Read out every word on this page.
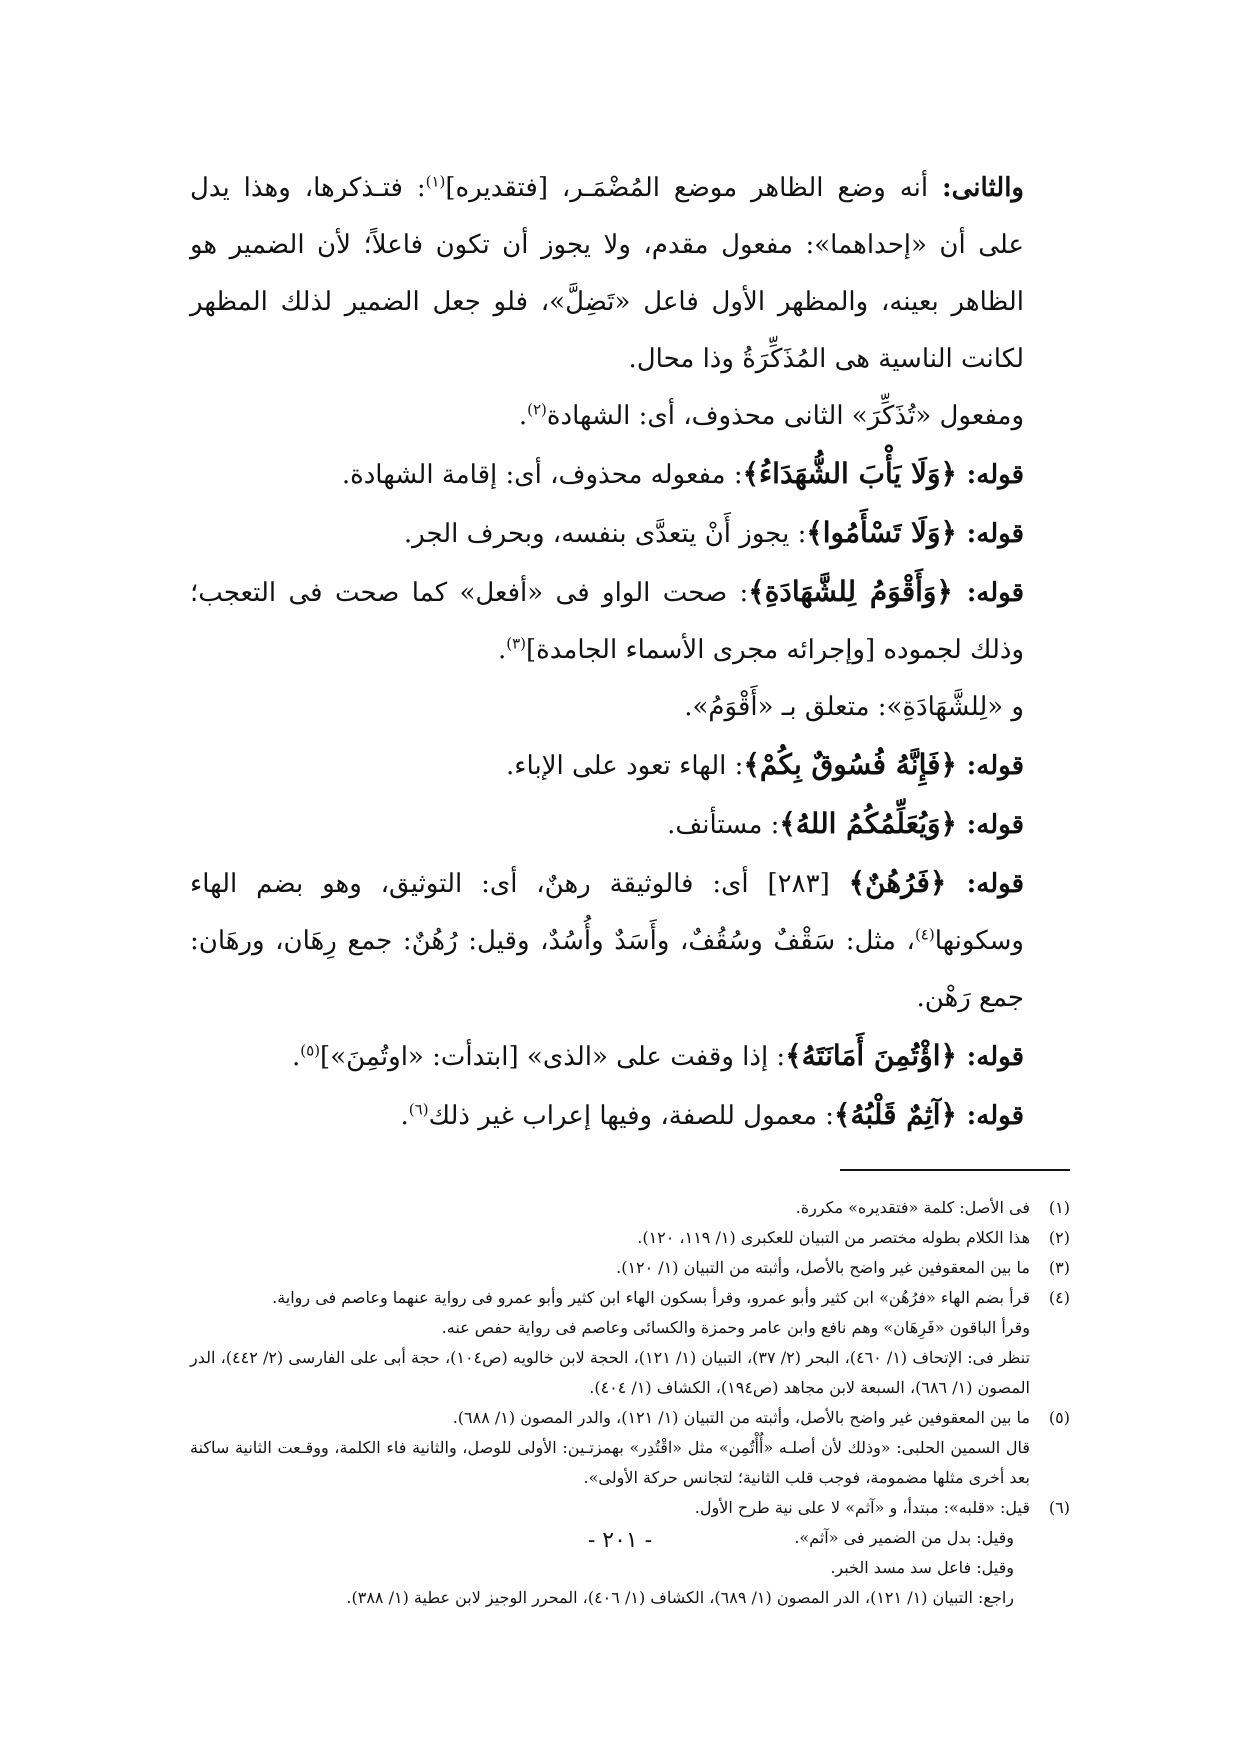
والثانى: أنه وضع الظاهر موضع المُضْمَـر، [فتقديره]$^{(١)}$: فتـذكرها، وهذا يدل على أن «إحداهما»: مفعول مقدم، ولا يجوز أن تكون فاعلاً؛ لأن الضمير هو الظاهر بعينه، والمظهر الأول فاعل «تَضِلَّ»، فلو جعل الضمير لذلك المظهر لكانت الناسية هى المُذَكِّرَةُ وذا محال.

ومفعول «تُذَكِّرَ» الثانى محذوف، أى: الشهادة$^{(٢)}$.

قوله: ﴿وَلَا يَأْبَ الشُّهَدَاءُ﴾: مفعوله محذوف، أى: إقامة الشهادة.

قوله: ﴿وَلَا تَسْأَمُوا﴾: يجوز أَنْ يتعدَّى بنفسه، وبحرف الجر.

قوله: ﴿وَأَقْوَمُ لِلشَّهَادَةِ﴾: صحت الواو فى «أفعل» كما صحت فى التعجب؛ وذلك لجموده [وإجرائه مجرى الأسماء الجامدة]$^{(٣)}$.

و «لِلشَّهَادَةِ»: متعلق بـ «أَقْوَمُ».

قوله: ﴿فَإِنَّهُ فُسُوقٌ بِكُمْ﴾: الهاء تعود على الإباء.

قوله: ﴿وَيُعَلِّمُكُمُ اللهُ﴾: مستأنف.

قوله: ﴿فَرُهُنٌ﴾ [٢٨٣] أى: فالوثيقة رهنٌ، أى: التوثيق، وهو بضم الهاء وسكونها$^{(٤)}$، مثل: سَقْفٌ وسُقُفٌ، وأَسَدٌ وأُسُدٌ، وقيل: رُهُنٌ: جمع رِهَان، ورهَان: جمع رَهْن.

قوله: ﴿اؤْتُمِنَ أَمَانَتَهُ﴾: إذا وقفت على «الذى» [ابتدأت: «اوتُمِنَ»]$^{(٥)}$.

قوله: ﴿آثِمٌ قَلْبُهُ﴾: معمول للصفة، وفيها إعراب غير ذلك$^{(٦)}$.

(١)
فى الأصل: كلمة «فتقديره» مكررة.
(٢)
هذا الكلام بطوله مختصر من التبيان للعكبرى (١/ ١١٩، ١٢٠).
(٣)
ما بين المعقوفين غير واضح بالأصل، وأثبته من التبيان (١/ ١٢٠).
(٤)
قرأ بضم الهاء «فرُهُن» ابن كثير وأبو عمرو، وقرأ بسكون الهاء ابن كثير وأبو عمرو فى رواية عنهما وعاصم فى رواية.
وقرأ الباقون «فَرِهَان» وهم نافع وابن عامر وحمزة والكسائى وعاصم فى رواية حفص عنه.
تنظر فى: الإتحاف (١/ ٤٦٠)، البحر (٢/ ٣٧)، التبيان (١/ ١٢١)، الحجة لابن خالويه (ص١٠٤)، حجة أبى على الفارسى (٢/ ٤٤٢)، الدر المصون (١/ ٦٨٦)، السبعة لابن مجاهد (ص١٩٤)، الكشاف (١/ ٤٠٤).
(٥)
ما بين المعقوفين غير واضح بالأصل، وأثبته من التبيان (١/ ١٢١)، والدر المصون (١/ ٦٨٨).
قال السمين الحلبى: «وذلك لأن أصلـه «أُأْتُمِن» مثل «اقْتُدِر» بهمزتـين: الأولى للوصل، والثانية فاء الكلمة، ووقـعت الثانية ساكنة بعد أخرى مثلها مضمومة، فوجب قلب الثانية؛ لتجانس حركة الأولى».
(٦)
قيل: «قلبه»: مبتدأ، و «آثم» لا على نية طرح الأول.
وقيل: بدل من الضمير فى «آثم».
وقيل: فاعل سد مسد الخبر.
راجع: التبيان (١/ ١٢١)، الدر المصون (١/ ٦٨٩)، الكشاف (١/ ٤٠٦)، المحرر الوجيز لابن عطية (١/ ٣٨٨).
- ٢٠١ -
